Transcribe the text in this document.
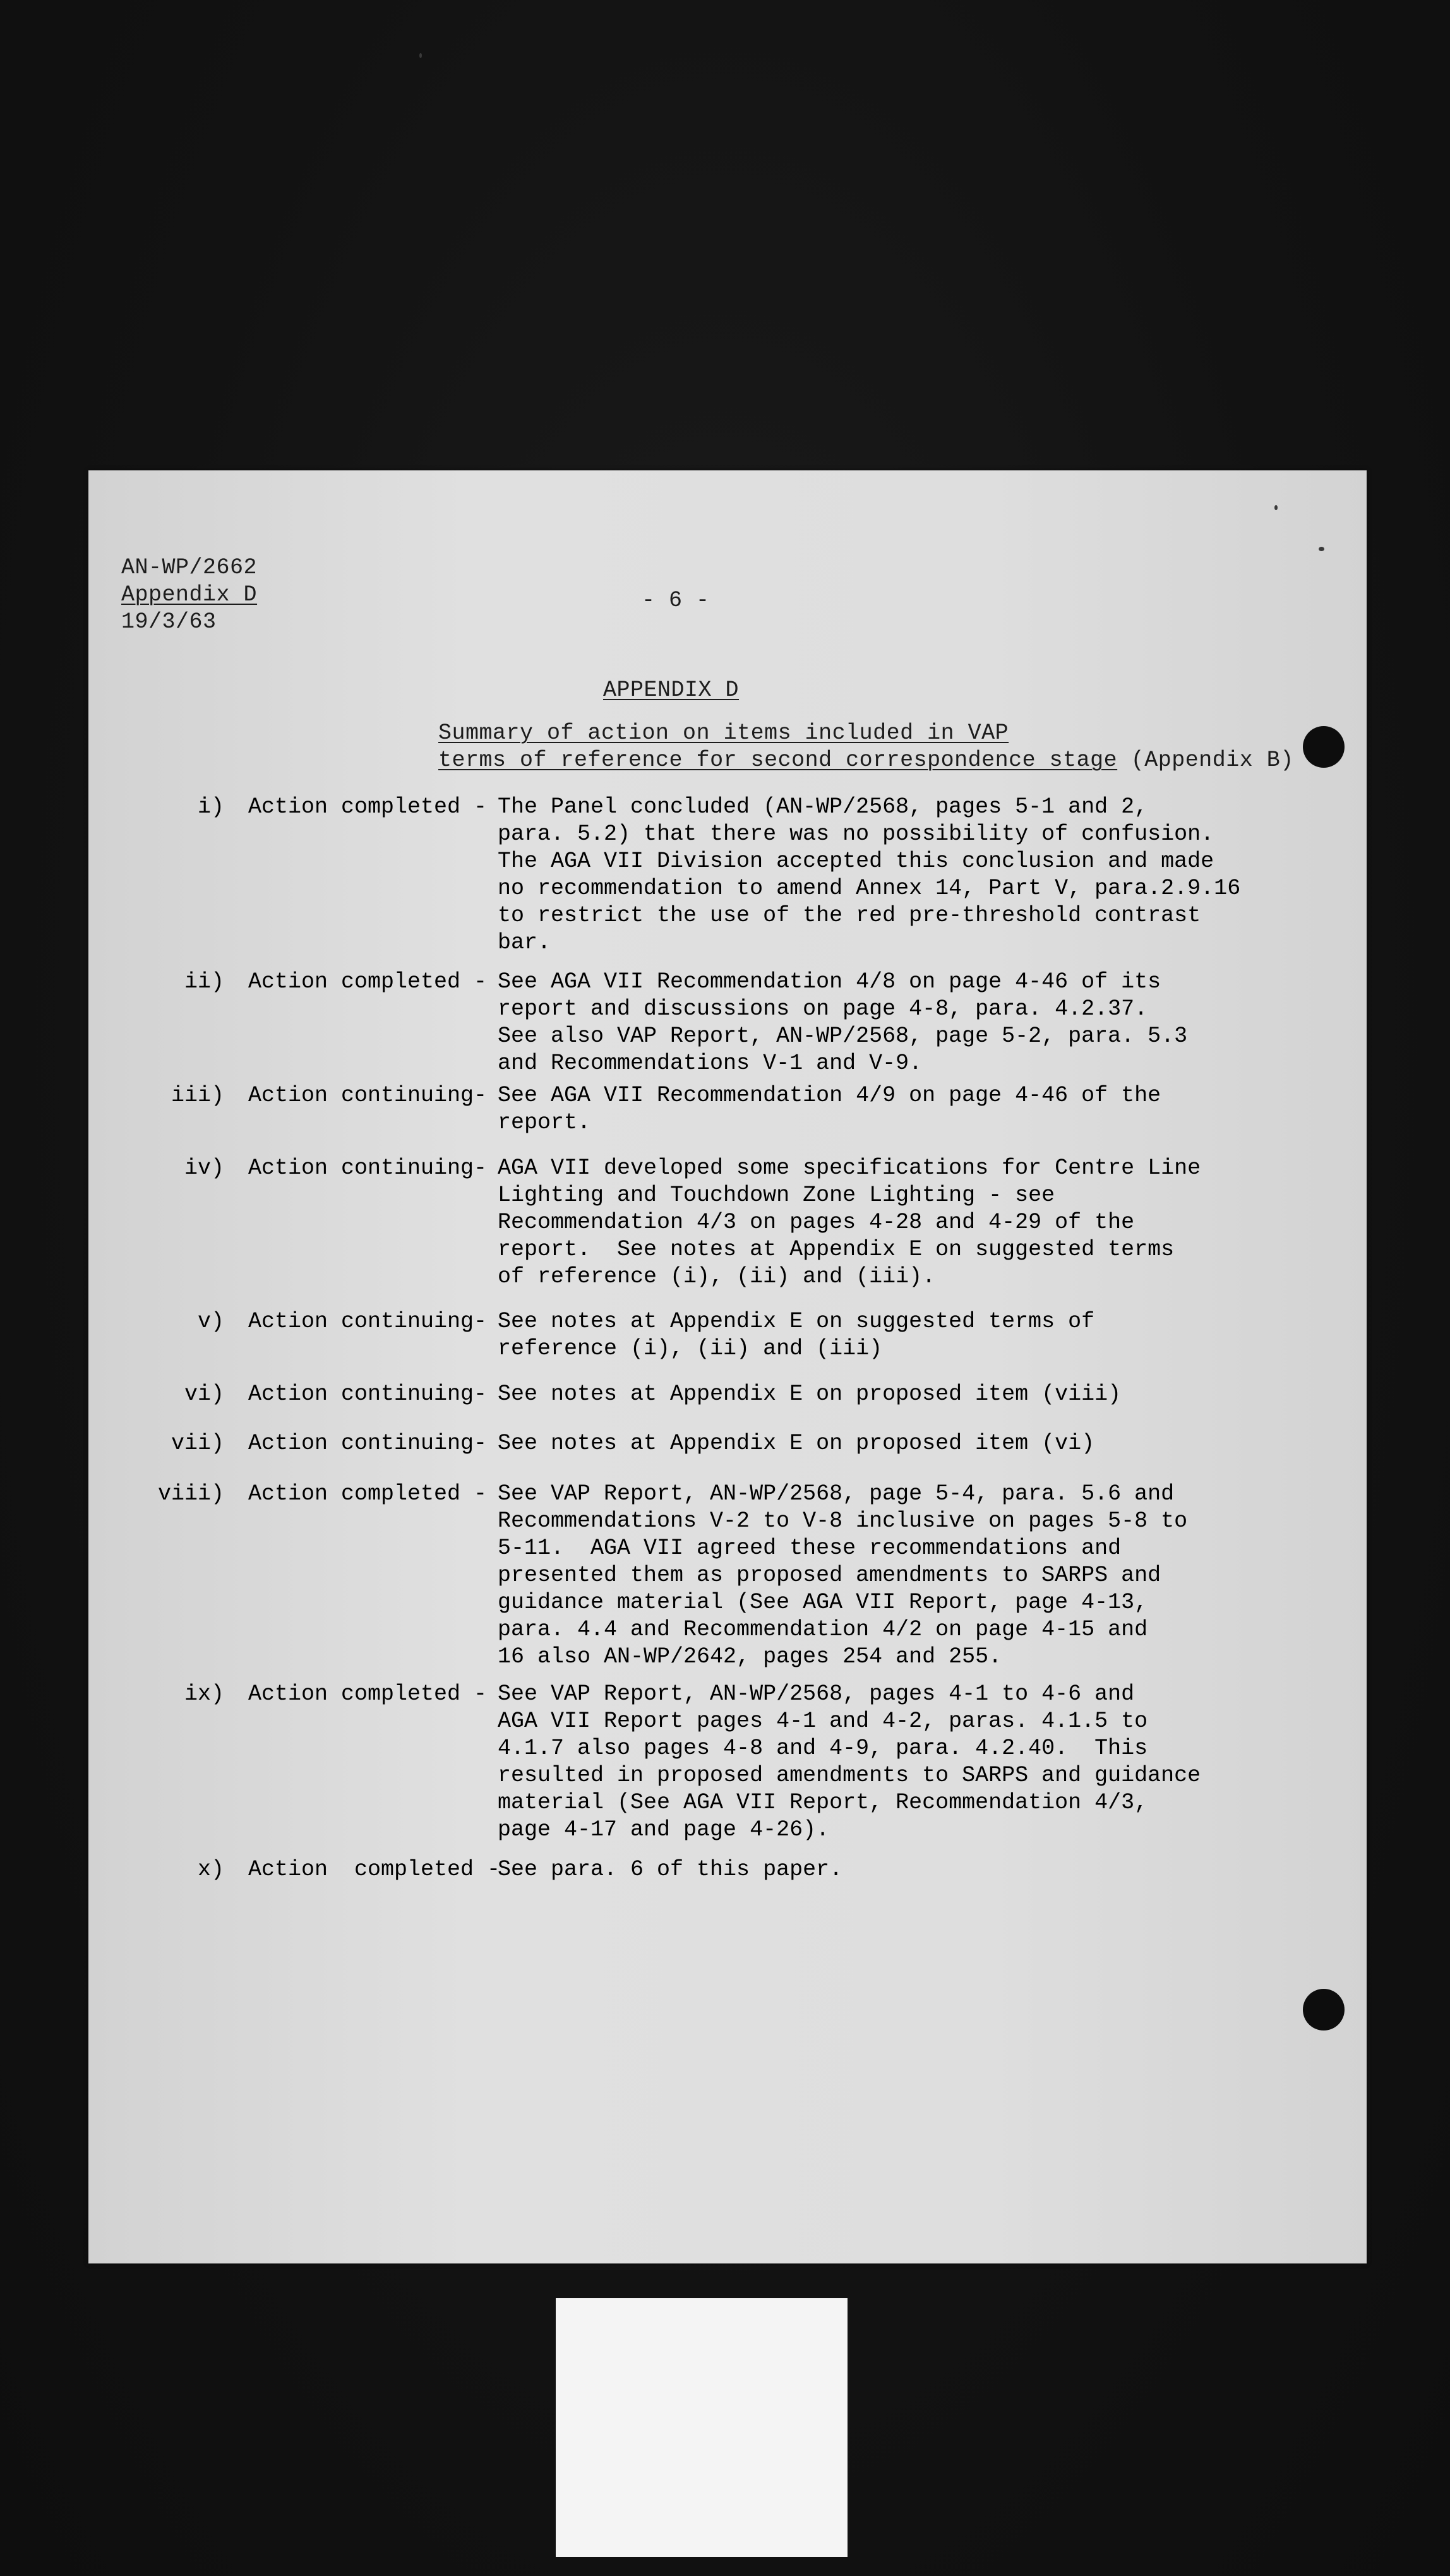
AN-WP/2662
Appendix D
19/3/63
- 6 -
APPENDIX D
Summary of action on items included in VAP
terms of reference for second correspondence stage (Appendix B)
i) Action completed - The Panel concluded (AN-WP/2568, pages 5-1 and 2,
para. 5.2) that there was no possibility of confusion.
The AGA VII Division accepted this conclusion and made
no recommendation to amend Annex 14, Part V, para.2.9.16
to restrict the use of the red pre-threshold contrast
bar.
ii) Action completed - See AGA VII Recommendation 4/8 on page 4-46 of its
report and discussions on page 4-8, para. 4.2.37.
See also VAP Report, AN-WP/2568, page 5-2, para. 5.3
and Recommendations V-1 and V-9.
iii) Action continuing- See AGA VII Recommendation 4/9 on page 4-46 of the
report.
iv) Action continuing- AGA VII developed some specifications for Centre Line
Lighting and Touchdown Zone Lighting - see
Recommendation 4/3 on pages 4-28 and 4-29 of the
report.  See notes at Appendix E on suggested terms
of reference (i), (ii) and (iii).
v) Action continuing- See notes at Appendix E on suggested terms of
reference (i), (ii) and (iii)
vi) Action continuing- See notes at Appendix E on proposed item (viii)
vii) Action continuing- See notes at Appendix E on proposed item (vi)
viii) Action completed - See VAP Report, AN-WP/2568, page 5-4, para. 5.6 and
Recommendations V-2 to V-8 inclusive on pages 5-8 to
5-11.  AGA VII agreed these recommendations and
presented them as proposed amendments to SARPS and
guidance material (See AGA VII Report, page 4-13,
para. 4.4 and Recommendation 4/2 on page 4-15 and
16 also AN-WP/2642, pages 254 and 255.
ix) Action completed - See VAP Report, AN-WP/2568, pages 4-1 to 4-6 and
AGA VII Report pages 4-1 and 4-2, paras. 4.1.5 to
4.1.7 also pages 4-8 and 4-9, para. 4.2.40.  This
resulted in proposed amendments to SARPS and guidance
material (See AGA VII Report, Recommendation 4/3,
page 4-17 and page 4-26).
x) Action  completed -
See para. 6 of this paper.
